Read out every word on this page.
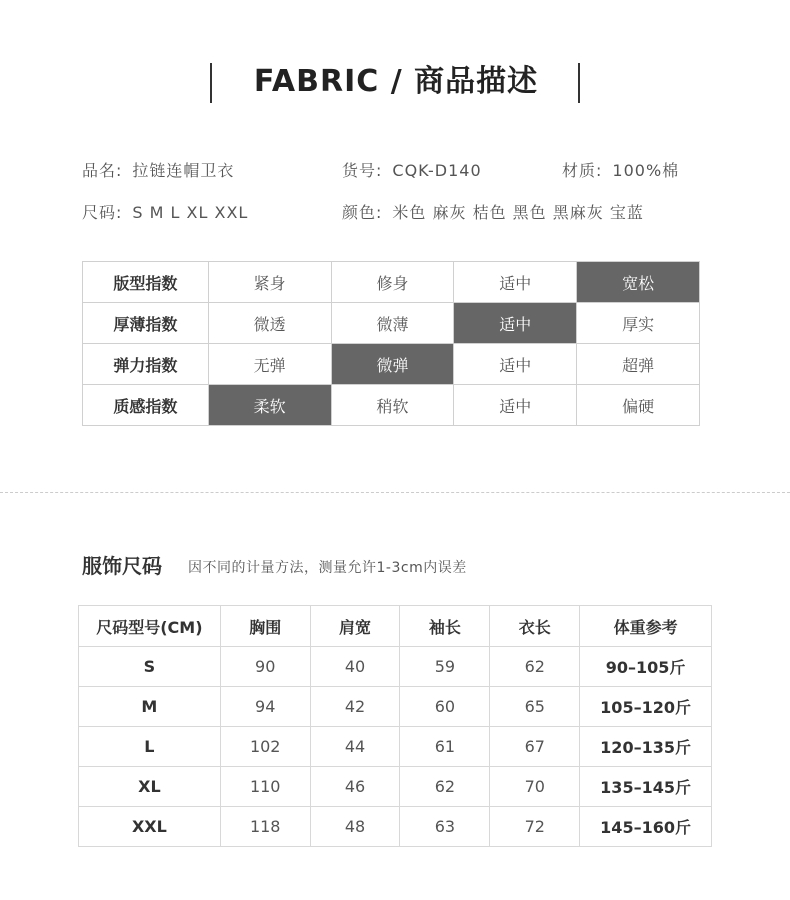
FABRIC / 商品描述
品名: 拉链连帽卫衣	货号: CQK-D140	材质: 100%棉
尺码: S M L XL XXL	颜色: 米色 麻灰 桔色 黑色 黑麻灰 宝蓝
版型指数	紧身	修身	适中	宽松
厚薄指数	微透	微薄	适中	厚实
弹力指数	无弹	微弹	适中	超弹
质感指数	柔软	稍软	适中	偏硬
服饰尺码 因不同的计量方法，测量允许1-3cm内误差
尺码型号(CM)	胸围	肩宽	袖长	衣长	体重参考
S	90	40	59	62	90–105斤
M	94	42	60	65	105–120斤
L	102	44	61	67	120–135斤
XL	110	46	62	70	135–145斤
XXL	118	48	63	72	145–160斤
